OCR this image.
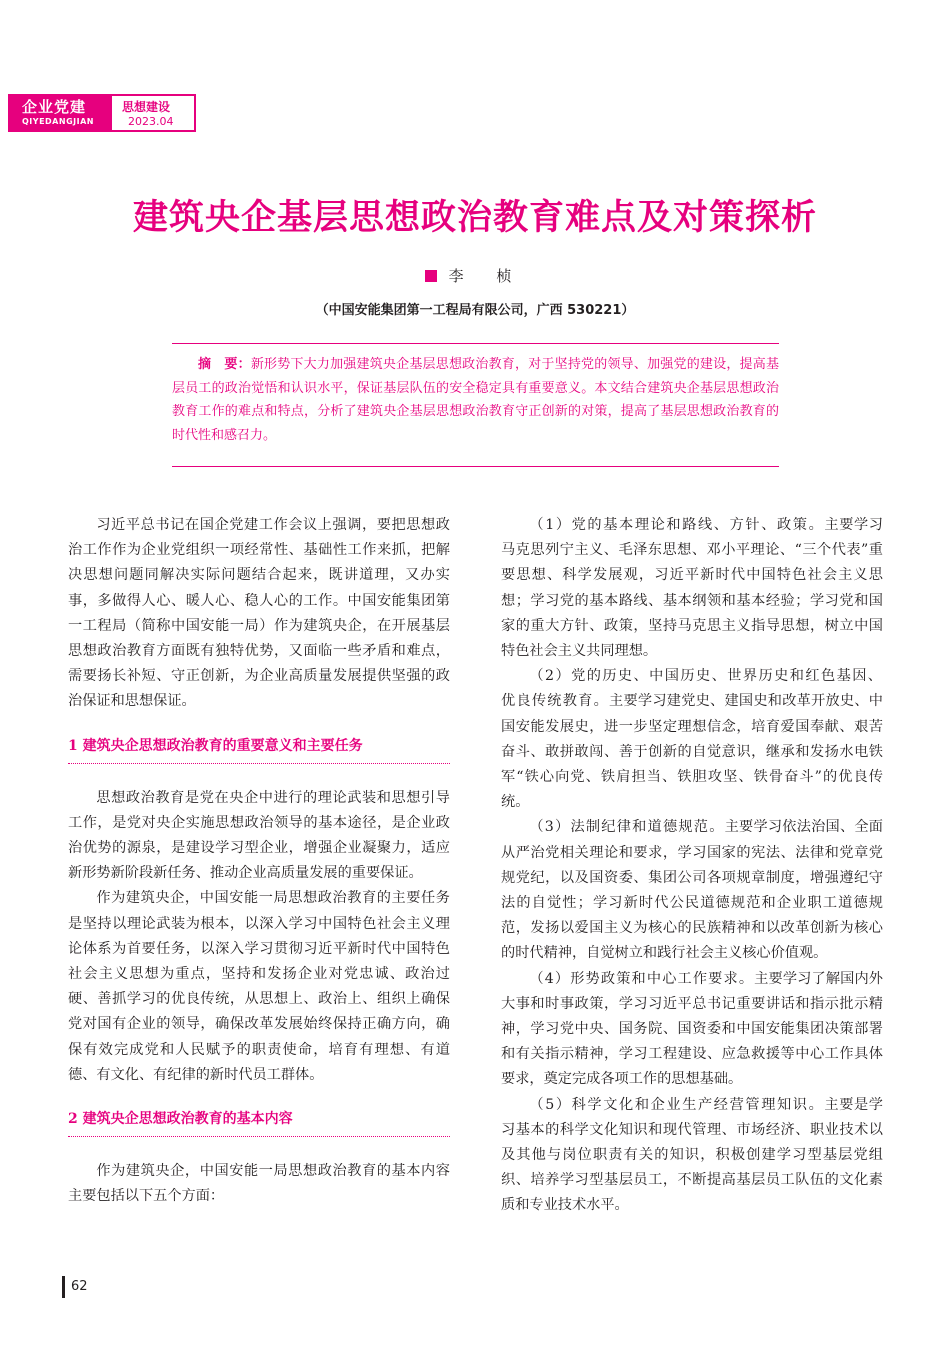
企业党建
QIYEDANGJIAN
思想建设
2023.04
建筑央企基层思想政治教育难点及对策探析
李 桢
（中国安能集团第一工程局有限公司，广西 530221）
摘　要：新形势下大力加强建筑央企基层思想政治教育，对于坚持党的领导、加强党的建设，提高基层员工的政治觉悟和认识水平，保证基层队伍的安全稳定具有重要意义。本文结合建筑央企基层思想政治教育工作的难点和特点，分析了建筑央企基层思想政治教育守正创新的对策，提高了基层思想政治教育的时代性和感召力。

习近平总书记在国企党建工作会议上强调，要把思想政治工作作为企业党组织一项经常性、基础性工作来抓，把解决思想问题同解决实际问题结合起来，既讲道理，又办实事，多做得人心、暖人心、稳人心的工作。中国安能集团第一工程局（简称中国安能一局）作为建筑央企，在开展基层思想政治教育方面既有独特优势，又面临一些矛盾和难点，需要扬长补短、守正创新，为企业高质量发展提供坚强的政治保证和思想保证。

1 建筑央企思想政治教育的重要意义和主要任务

思想政治教育是党在央企中进行的理论武装和思想引导工作，是党对央企实施思想政治领导的基本途径，是企业政治优势的源泉，是建设学习型企业，增强企业凝聚力，适应新形势新阶段新任务、推动企业高质量发展的重要保证。

作为建筑央企，中国安能一局思想政治教育的主要任务是坚持以理论武装为根本，以深入学习中国特色社会主义理论体系为首要任务，以深入学习贯彻习近平新时代中国特色社会主义思想为重点，坚持和发扬企业对党忠诚、政治过硬、善抓学习的优良传统，从思想上、政治上、组织上确保党对国有企业的领导，确保改革发展始终保持正确方向，确保有效完成党和人民赋予的职责使命，培育有理想、有道德、有文化、有纪律的新时代员工群体。

2 建筑央企思想政治教育的基本内容

作为建筑央企，中国安能一局思想政治教育的基本内容主要包括以下五个方面：

（1）党的基本理论和路线、方针、政策。主要学习马克思列宁主义、毛泽东思想、邓小平理论、“三个代表”重要思想、科学发展观，习近平新时代中国特色社会主义思想；学习党的基本路线、基本纲领和基本经验；学习党和国家的重大方针、政策，坚持马克思主义指导思想，树立中国特色社会主义共同理想。

（2）党的历史、中国历史、世界历史和红色基因、优良传统教育。主要学习建党史、建国史和改革开放史、中国安能发展史，进一步坚定理想信念，培育爱国奉献、艰苦奋斗、敢拼敢闯、善于创新的自觉意识，继承和发扬水电铁军“铁心向党、铁肩担当、铁胆攻坚、铁骨奋斗”的优良传统。

（3）法制纪律和道德规范。主要学习依法治国、全面从严治党相关理论和要求，学习国家的宪法、法律和党章党规党纪，以及国资委、集团公司各项规章制度，增强遵纪守法的自觉性；学习新时代公民道德规范和企业职工道德规范，发扬以爱国主义为核心的民族精神和以改革创新为核心的时代精神，自觉树立和践行社会主义核心价值观。

（4）形势政策和中心工作要求。主要学习了解国内外大事和时事政策，学习习近平总书记重要讲话和指示批示精神，学习党中央、国务院、国资委和中国安能集团决策部署和有关指示精神，学习工程建设、应急救援等中心工作具体要求，奠定完成各项工作的思想基础。

（5）科学文化和企业生产经营管理知识。主要是学习基本的科学文化知识和现代管理、市场经济、职业技术以及其他与岗位职责有关的知识，积极创建学习型基层党组织、培养学习型基层员工，不断提高基层员工队伍的文化素质和专业技术水平。

62
